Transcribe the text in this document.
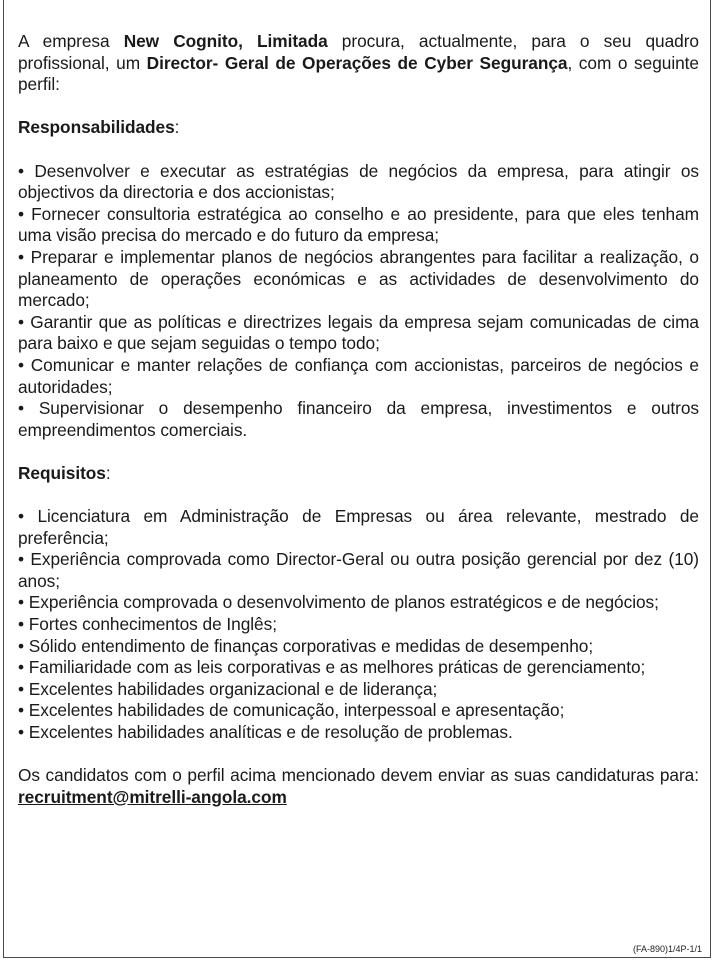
A empresa New Cognito, Limitada procura, actualmente, para o seu quadro profissional, um Director- Geral de Operações de Cyber Segurança, com o seguinte perfil:

Responsabilidades:

• Desenvolver e executar as estratégias de negócios da empresa, para atingir os objectivos da directoria e dos accionistas;
• Fornecer consultoria estratégica ao conselho e ao presidente, para que eles tenham uma visão precisa do mercado e do futuro da empresa;
• Preparar e implementar planos de negócios abrangentes para facilitar a realização, o planeamento de operações económicas e as actividades de desenvolvimento do mercado;
• Garantir que as políticas e directrizes legais da empresa sejam comunicadas de cima para baixo e que sejam seguidas o tempo todo;
• Comunicar e manter relações de confiança com accionistas, parceiros de negócios e autoridades;
• Supervisionar o desempenho financeiro da empresa, investimentos e outros empreendimentos comerciais.

Requisitos:

• Licenciatura em Administração de Empresas ou área relevante, mestrado de preferência;
• Experiência comprovada como Director-Geral ou outra posição gerencial por dez (10) anos;
• Experiência comprovada o desenvolvimento de planos estratégicos e de negócios;
• Fortes conhecimentos de Inglês;
• Sólido entendimento de finanças corporativas e medidas de desempenho;
• Familiaridade com as leis corporativas e as melhores práticas de gerenciamento;
• Excelentes habilidades organizacional e de liderança;
• Excelentes habilidades de comunicação, interpessoal e apresentação;
• Excelentes habilidades analíticas e de resolução de problemas.

Os candidatos com o perfil acima mencionado devem enviar as suas candidaturas para: recruitment@mitrelli-angola.com

(FA-890)1/4P-1/1
